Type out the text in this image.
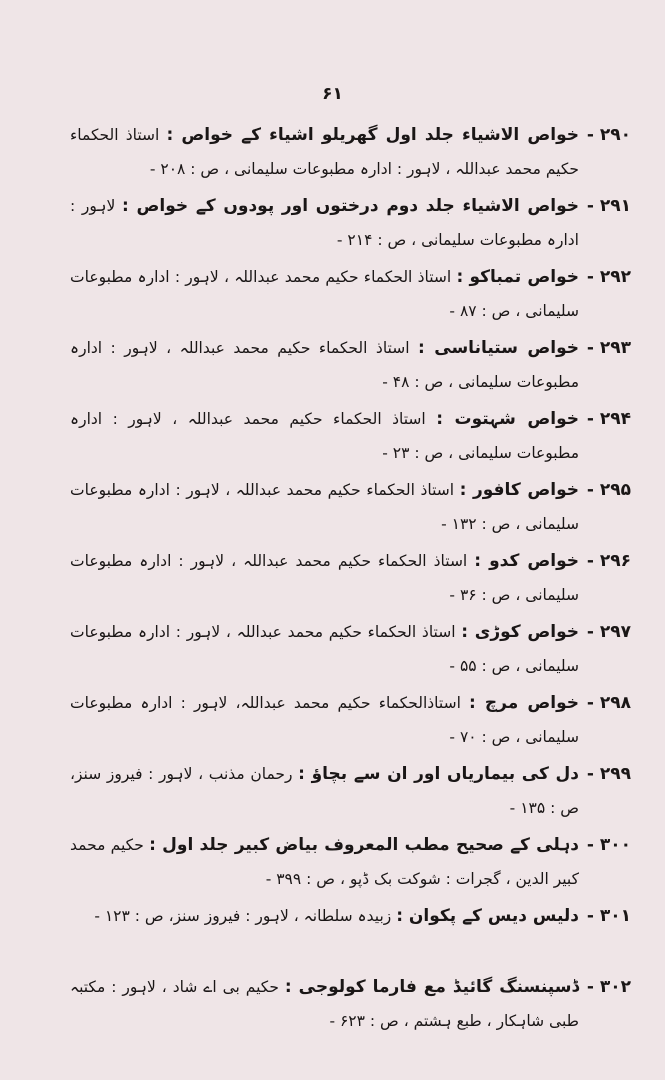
۶۱
۲۹۰ -
خواص الاشیاء جلد اول گھریلو اشیاء کے خواص : استاذ الحکماء حکیم محمد عبداللہ ، لاہور : ادارہ مطبوعات سلیمانی ، ص : ۲۰۸ -
۲۹۱ -
خواص الاشیاء جلد دوم درختوں اور پودوں کے خواص : لاہور : ادارہ مطبوعات سلیمانی ، ص : ۲۱۴ -
۲۹۲ -
خواص تمباکو : استاذ الحکماء حکیم محمد عبداللہ ، لاہور : ادارہ مطبوعات سلیمانی ، ص : ۸۷ -
۲۹۳ -
خواص ستیاناسی : استاذ الحکماء حکیم محمد عبداللہ ، لاہور : ادارہ مطبوعات سلیمانی ، ص : ۴۸ -
۲۹۴ -
خواص شہتوت : استاذ الحکماء حکیم محمد عبداللہ ، لاہور : ادارہ مطبوعات سلیمانی ، ص : ۲۳ -
۲۹۵ -
خواص کافور : استاذ الحکماء حکیم محمد عبداللہ ، لاہور : ادارہ مطبوعات سلیمانی ، ص : ۱۳۲ -
۲۹۶ -
خواص کدو : استاذ الحکماء حکیم محمد عبداللہ ، لاہور : ادارہ مطبوعات سلیمانی ، ص : ۳۶ -
۲۹۷ -
خواص کوڑی : استاذ الحکماء حکیم محمد عبداللہ ، لاہور : ادارہ مطبوعات سلیمانی ، ص : ۵۵ -
۲۹۸ -
خواص مرچ : استاذالحکماء حکیم محمد عبداللہ، لاہور : ادارہ مطبوعات سلیمانی ، ص : ۷۰ -
۲۹۹ -
دل کی بیماریاں اور ان سے بچاؤ : رحمان مذنب ، لاہور : فیروز سنز، ص : ۱۳۵ -
۳۰۰ -
دہلی کے صحیح مطب المعروف بیاض کبیر جلد اول : حکیم محمد کبیر الدین ، گجرات : شوکت بک ڈپو ، ص : ۳۹۹ -
۳۰۱ -
دلیس دیس کے پکوان : زبیدہ سلطانہ ، لاہور : فیروز سنز، ص : ۱۲۳ -
۳۰۲ -
ڈسپنسنگ گائیڈ مع فارما کولوجی : حکیم بی اے شاد ، لاہور : مکتبہ طبی شاہکار ، طبع ہشتم ، ص : ۶۲۳ -
